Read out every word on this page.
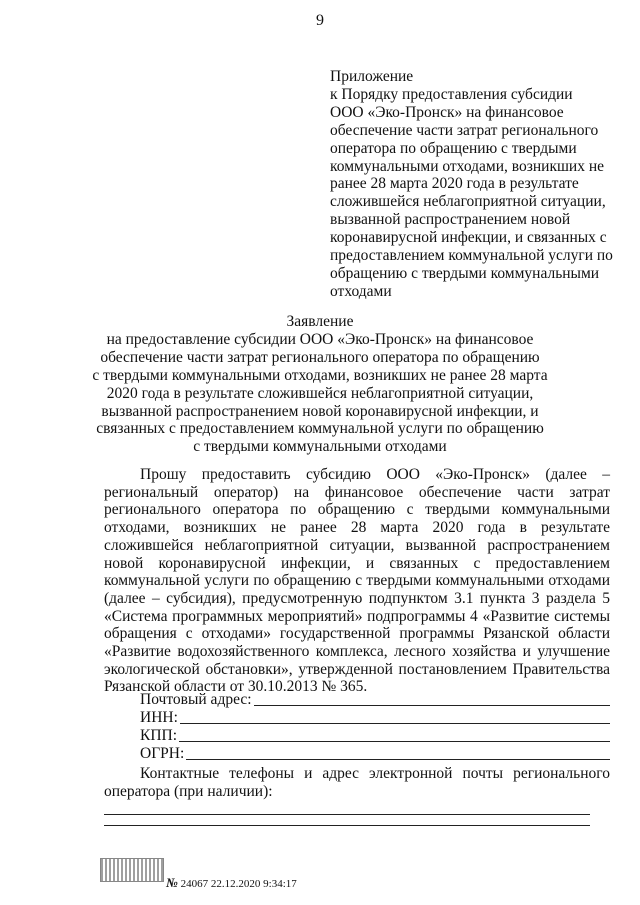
9
Приложение
к Порядку предоставления субсидии
ООО «Эко-Пронск» на финансовое
обеспечение части затрат регионального
оператора по обращению с твердыми
коммунальными отходами, возникших не
ранее 28 марта 2020 года в результате
сложившейся неблагоприятной ситуации,
вызванной распространением новой
коронавирусной инфекции, и связанных с
предоставлением коммунальной услуги по
обращению с твердыми коммунальными
отходами
Заявление
на предоставление субсидии ООО «Эко-Пронск» на финансовое
обеспечение части затрат регионального оператора по обращению
с твердыми коммунальными отходами, возникших не ранее 28 марта
2020 года в результате сложившейся неблагоприятной ситуации,
вызванной распространением новой коронавирусной инфекции, и
связанных с предоставлением коммунальной услуги по обращению
с твердыми коммунальными отходами

Прошу предоставить субсидию ООО «Эко-Пронск» (далее – региональный оператор) на финансовое обеспечение части затрат регионального оператора по обращению с твердыми коммунальными отходами, возникших не ранее 28 марта 2020 года в результате сложившейся неблагоприятной ситуации, вызванной распространением новой коронавирусной инфекции, и связанных с предоставлением коммунальной услуги по обращению с твердыми коммунальными отходами (далее – субсидия), предусмотренную подпунктом 3.1 пункта 3 раздела 5 «Система программных мероприятий» подпрограммы 4 «Развитие системы обращения с отходами» государственной программы Рязанской области «Развитие водохозяйственного комплекса, лесного хозяйства и улучшение экологической обстановки», утвержденной постановлением Правительства Рязанской области от 30.10.2013 № 365.

Почтовый адрес:
ИНН:
КПП:
ОГРН:

Контактные телефоны и адрес электронной почты регионального оператора (при наличии):

№ 24067 22.12.2020 9:34:17
